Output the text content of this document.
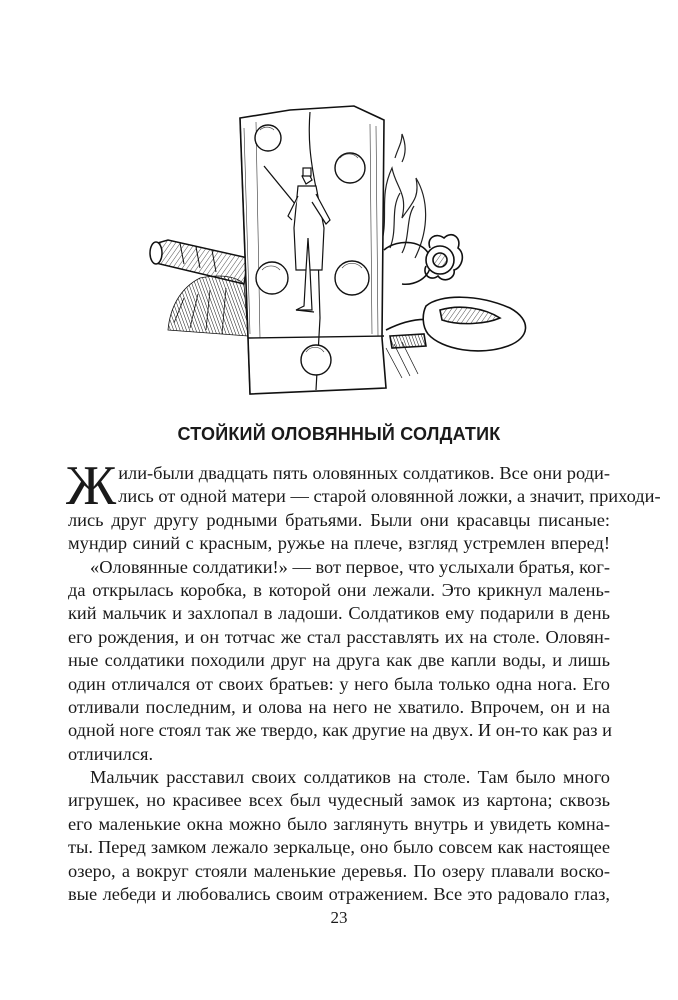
СТОЙКИЙ ОЛОВЯННЫЙ СОЛДАТИК
Ж или-были двадцать пять оловянных солдатиков. Все они роди-
лись от одной матери — старой оловянной ложки, а значит, приходи-
лись друг другу родными братьями. Были они красавцы писаные:
мундир синий с красным, ружье на плече, взгляд устремлен вперед!
«Оловянные солдатики!» — вот первое, что услыхали братья, ког-
да открылась коробка, в которой они лежали. Это крикнул малень-
кий мальчик и захлопал в ладоши. Солдатиков ему подарили в день
его рождения, и он тотчас же стал расставлять их на столе. Оловян-
ные солдатики походили друг на друга как две капли воды, и лишь
один отличался от своих братьев: у него была только одна нога. Его
отливали последним, и олова на него не хватило. Впрочем, он и на
одной ноге стоял так же твердо, как другие на двух. И он-то как раз и
отличился.
Мальчик расставил своих солдатиков на столе. Там было много
игрушек, но красивее всех был чудесный замок из картона; сквозь
его маленькие окна можно было заглянуть внутрь и увидеть комна-
ты. Перед замком лежало зеркальце, оно было совсем как настоящее
озеро, а вокруг стояли маленькие деревья. По озеру плавали воско-
вые лебеди и любовались своим отражением. Все это радовало глаз,
23
